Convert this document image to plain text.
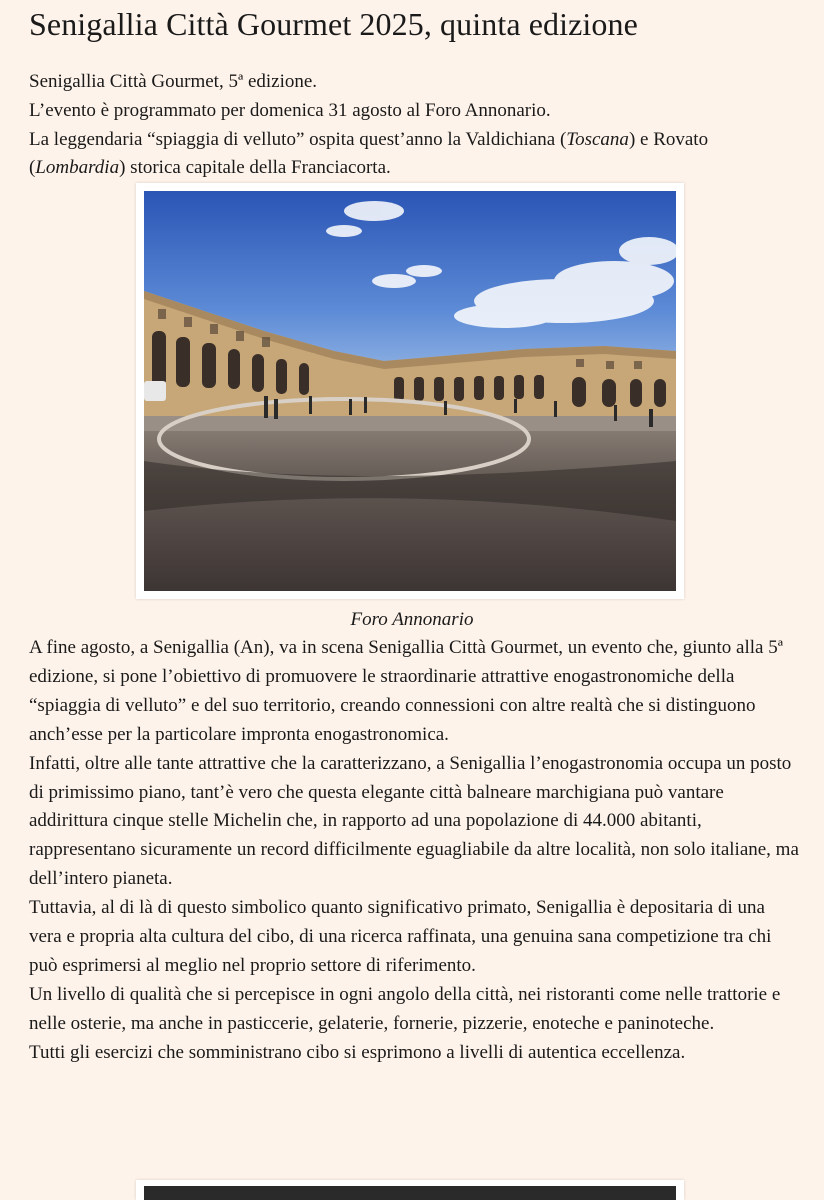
Senigallia Città Gourmet 2025, quinta edizione

Senigallia Città Gourmet, 5ª edizione.

L’evento è programmato per domenica 31 agosto al Foro Annonario.

La leggendaria “spiaggia di velluto” ospita quest’anno la Valdichiana (Toscana) e Rovato (Lombardia) storica capitale della Franciacorta.

Foro Annonario

A fine agosto, a Senigallia (An), va in scena Senigallia Città Gourmet, un evento che, giunto alla 5ª edizione, si pone l’obiettivo di promuovere le straordinarie attrattive enogastronomiche della “spiaggia di velluto” e del suo territorio, creando connessioni con altre realtà che si distinguono anch’esse per la particolare impronta enogastronomica.

Infatti, oltre alle tante attrattive che la caratterizzano, a Senigallia l’enogastronomia occupa un posto di primissimo piano, tant’è vero che questa elegante città balneare marchigiana può vantare addirittura cinque stelle Michelin che, in rapporto ad una popolazione di 44.000 abitanti, rappresentano sicuramente un record difficilmente eguagliabile da altre località, non solo italiane, ma dell’intero pianeta.

Tuttavia, al di là di questo simbolico quanto significativo primato, Senigallia è depositaria di una vera e propria alta cultura del cibo, di una ricerca raffinata, una genuina sana competizione tra chi può esprimersi al meglio nel proprio settore di riferimento.

Un livello di qualità che si percepisce in ogni angolo della città, nei ristoranti come nelle trattorie e nelle osterie, ma anche in pasticcerie, gelaterie, fornerie, pizzerie, enoteche e paninoteche.

Tutti gli esercizi che somministrano cibo si esprimono a livelli di autentica eccellenza.
